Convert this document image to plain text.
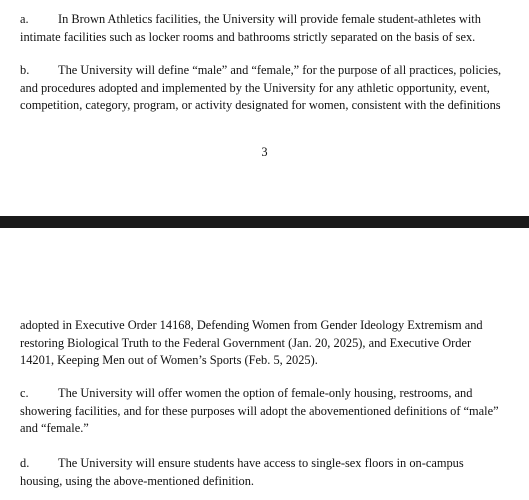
a. In Brown Athletics facilities, the University will provide female student-athletes with
intimate facilities such as locker rooms and bathrooms strictly separated on the basis of sex.

b. The University will define “male” and “female,” for the purpose of all practices, policies,
and procedures adopted and implemented by the University for any athletic opportunity, event,
competition, category, program, or activity designated for women, consistent with the definitions

3

adopted in Executive Order 14168, Defending Women from Gender Ideology Extremism and
restoring Biological Truth to the Federal Government (Jan. 20, 2025), and Executive Order
14201, Keeping Men out of Women’s Sports (Feb. 5, 2025).

c. The University will offer women the option of female-only housing, restrooms, and
showering facilities, and for these purposes will adopt the abovementioned definitions of “male”
and “female.”

d. The University will ensure students have access to single-sex floors in on-campus
housing, using the above-mentioned definition.
